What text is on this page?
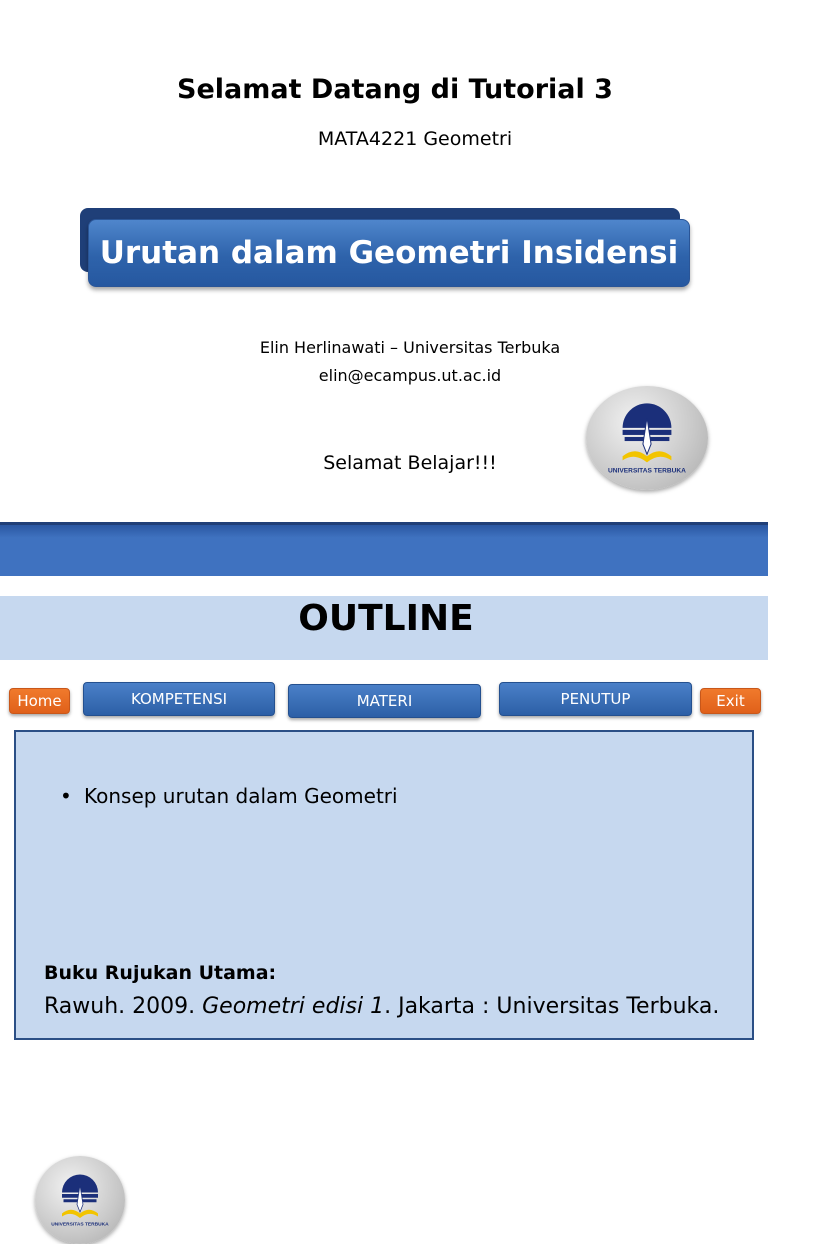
Selamat Datang di Tutorial 3
MATA4221 Geometri
Urutan dalam Geometri Insidensi
Elin Herlinawati – Universitas Terbuka
elin@ecampus.ut.ac.id
Selamat Belajar!!!	UNIVERSITAS TERBUKA
OUTLINE
UNIVERSITAS TERBUKA
Home	KOMPETENSI	MATERI	PENUTUP	Exit
• Konsep urutan dalam Geometri
Buku Rujukan Utama:
Rawuh. 2009. Geometri edisi 1. Jakarta : Universitas Terbuka.
